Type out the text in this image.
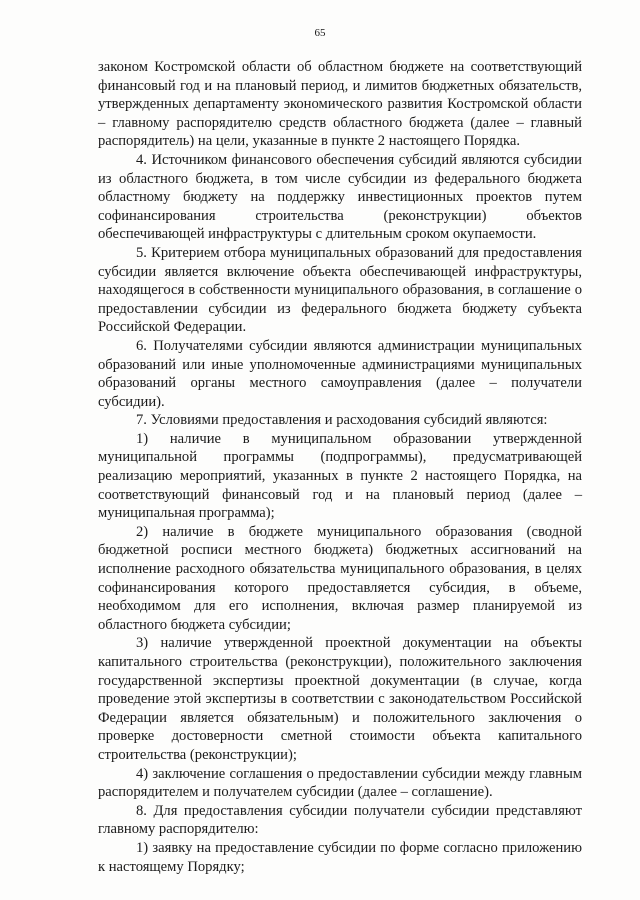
65

законом Костромской области об областном бюджете на соответствующий финансовый год и на плановый период, и лимитов бюджетных обязательств, утвержденных департаменту экономического развития Костромской области – главному распорядителю средств областного бюджета (далее – главный распорядитель) на цели, указанные в пункте 2 настоящего Порядка.

4. Источником финансового обеспечения субсидий являются субсидии из областного бюджета, в том числе субсидии из федерального бюджета областному бюджету на поддержку инвестиционных проектов путем софинансирования строительства (реконструкции) объектов обеспечивающей инфраструктуры с длительным сроком окупаемости.

5. Критерием отбора муниципальных образований для предоставления субсидии является включение объекта обеспечивающей инфраструктуры, находящегося в собственности муниципального образования, в соглашение о предоставлении субсидии из федерального бюджета бюджету субъекта Российской Федерации.

6. Получателями субсидии являются администрации муниципальных образований или иные уполномоченные администрациями муниципальных образований органы местного самоуправления (далее – получатели субсидии).

7. Условиями предоставления и расходования субсидий являются:

1) наличие в муниципальном образовании утвержденной муниципальной программы (подпрограммы), предусматривающей реализацию мероприятий, указанных в пункте 2 настоящего Порядка, на соответствующий финансовый год и на плановый период (далее – муниципальная программа);

2) наличие в бюджете муниципального образования (сводной бюджетной росписи местного бюджета) бюджетных ассигнований на исполнение расходного обязательства муниципального образования, в целях софинансирования которого предоставляется субсидия, в объеме, необходимом для его исполнения, включая размер планируемой из областного бюджета субсидии;

3) наличие утвержденной проектной документации на объекты капитального строительства (реконструкции), положительного заключения государственной экспертизы проектной документации (в случае, когда проведение этой экспертизы в соответствии с законодательством Российской Федерации является обязательным) и положительного заключения о проверке достоверности сметной стоимости объекта капитального строительства (реконструкции);

4) заключение соглашения о предоставлении субсидии между главным распорядителем и получателем субсидии (далее – соглашение).

8. Для предоставления субсидии получатели субсидии представляют главному распорядителю:

1) заявку на предоставление субсидии по форме согласно приложению к настоящему Порядку;
